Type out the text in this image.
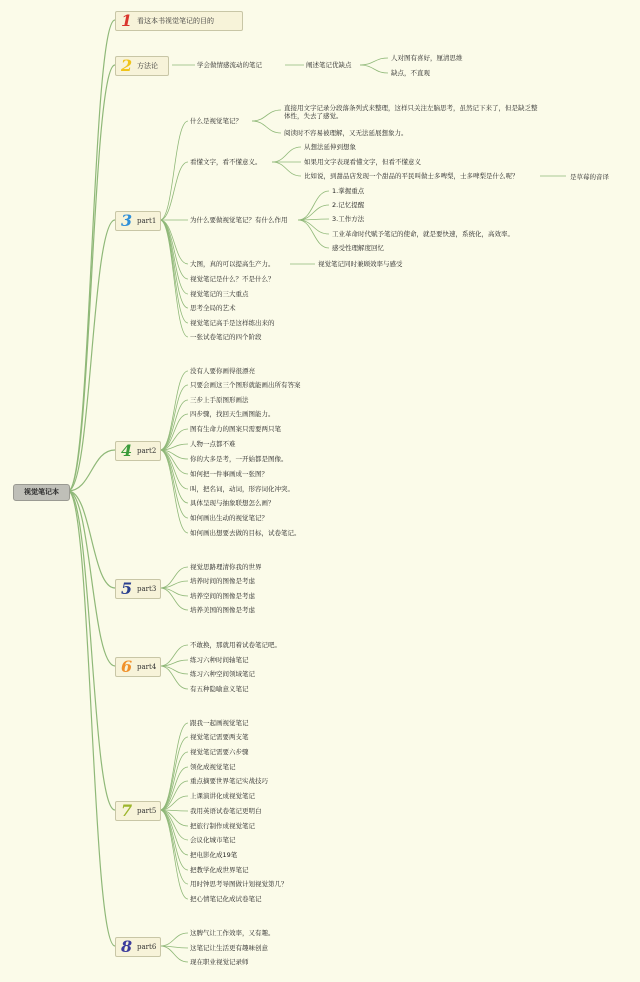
视觉笔记本
1 看这本书视觉笔记的目的
2 方法论
3 part1
4 part2
5 part3
6 part4
7 part5
8 part6
学会做情感流动的笔记	阐述笔记优缺点
人对图有喜好，厘清思维
缺点，不直观
什么是视觉笔记？
直接用文字记录分段落条列式来整理，这样只关注左脑思考，虽然记下来了，但是缺乏整体性，失去了感觉。
阅读时不容易被理解，又无法延展想象力。
看懂文字，看不懂意义。
从想法延伸到想象
如果用文字表现看懂文字，但看不懂意义
比如说，到甜品店发现一个甜品的平民叫做士多啤梨，士多啤梨是什么呢？	是草莓的音译
为什么要做视觉笔记？有什么作用
1.掌握重点
2.记忆提醒
3.工作方法
工业革命时代赋予笔记的使命，就是要快速，系统化，高效率。
感受性理解度回忆
大图，真的可以提高生产力。	视觉笔记同时兼顾效率与感受
视觉笔记是什么？不是什么？
视觉笔记的三大重点
思考全局的艺术
视觉笔记高手是这样练出来的
一张试卷笔记的四个阶段
没有人要你画得很漂亮
只要会画这三个图形就能画出所有答案
三步上手原图形画法
四步骤，找回天生画图能力。
图有生命力的图案只需要两只笔
人物一点都不难
你的大多是考，一开始都是图像。
如何把一件事画成一张图？
叫，把名词，动词，形容词化冲突。
具体呈现与抽象联想怎么画？
如何画出生动的视觉笔记？
如何画出想要去做的目标，试卷笔记。
视觉思路理清你我的世界
培养时间的图像是考虑
培养空间的图像是考虑
培养美国的图像是考虑
不敢换，那就用着试卷笔记吧。
练习六种时间轴笔记
练习六种空间领域笔记
有五种隐喻意义笔记
跟我一起画视觉笔记
视觉笔记需要两支笔
视觉笔记需要六步骤
领化成视觉笔记
重点摘要世界笔记实战技巧
上课演讲化成视觉笔记
我用英语试卷笔记更明白
把旅行制作成视觉笔记
会议化城市笔记
把电影化成19笔
把教学化成世界笔记
用时钟思考导图做计划视觉第几？
把心情笔记化成试卷笔记
这脾气让工作效率，又有趣。
这笔记让生活更有趣味创意
现在职业视觉记录师
